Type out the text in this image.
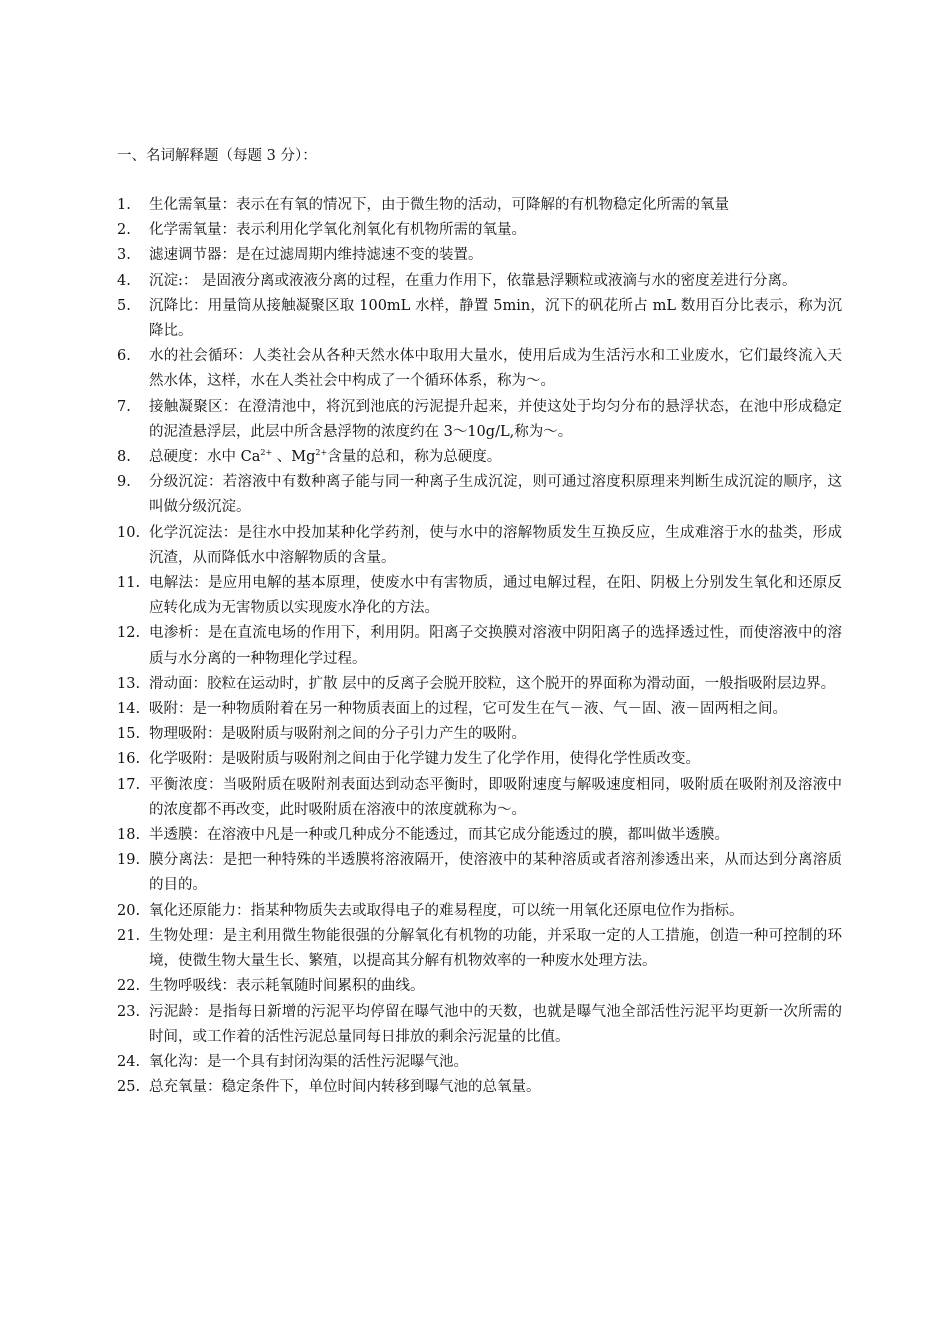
一、名词解释题（每题 3 分）：
1.	生化需氧量：表示在有氧的情况下，由于微生物的活动，可降解的有机物稳定化所需的氧量
2.	化学需氧量：表示利用化学氧化剂氧化有机物所需的氧量。
3.	滤速调节器：是在过滤周期内维持滤速不变的装置。
4.	沉淀:： 是固液分离或液液分离的过程，在重力作用下，依靠悬浮颗粒或液滴与水的密度差进行分离。
5.	沉降比：用量筒从接触凝聚区取 100mL 水样，静置 5min，沉下的矾花所占 mL 数用百分比表示，称为沉降比。
6.	水的社会循环：人类社会从各种天然水体中取用大量水，使用后成为生活污水和工业废水，它们最终流入天然水体，这样，水在人类社会中构成了一个循环体系，称为～。
7.	接触凝聚区：在澄清池中，将沉到池底的污泥提升起来，并使这处于均匀分布的悬浮状态，在池中形成稳定的泥渣悬浮层，此层中所含悬浮物的浓度约在 3～10g/L,称为～。
8.	总硬度：水中 $Ca^{2+}$ 、$Mg^{2+}$含量的总和，称为总硬度。
9.	分级沉淀：若溶液中有数种离子能与同一种离子生成沉淀，则可通过溶度积原理来判断生成沉淀的顺序，这叫做分级沉淀。
10. 化学沉淀法：是往水中投加某种化学药剂，使与水中的溶解物质发生互换反应，生成难溶于水的盐类，形成沉渣，从而降低水中溶解物质的含量。
11. 电解法：是应用电解的基本原理，使废水中有害物质，通过电解过程，在阳、阴极上分别发生氧化和还原反应转化成为无害物质以实现废水净化的方法。
12. 电渗析：是在直流电场的作用下，利用阴。阳离子交换膜对溶液中阴阳离子的选择透过性，而使溶液中的溶质与水分离的一种物理化学过程。
13. 滑动面：胶粒在运动时，扩散 层中的反离子会脱开胶粒，这个脱开的界面称为滑动面，一般指吸附层边界。
14. 吸附：是一种物质附着在另一种物质表面上的过程，它可发生在气－液、气－固、液－固两相之间。
15. 物理吸附：是吸附质与吸附剂之间的分子引力产生的吸附。
16. 化学吸附：是吸附质与吸附剂之间由于化学键力发生了化学作用，使得化学性质改变。
17. 平衡浓度：当吸附质在吸附剂表面达到动态平衡时，即吸附速度与解吸速度相同，吸附质在吸附剂及溶液中的浓度都不再改变，此时吸附质在溶液中的浓度就称为～。
18. 半透膜：在溶液中凡是一种或几种成分不能透过，而其它成分能透过的膜，都叫做半透膜。
19. 膜分离法：是把一种特殊的半透膜将溶液隔开，使溶液中的某种溶质或者溶剂渗透出来，从而达到分离溶质的目的。
20. 氧化还原能力：指某种物质失去或取得电子的难易程度，可以统一用氧化还原电位作为指标。
21. 生物处理：是主利用微生物能很强的分解氧化有机物的功能，并采取一定的人工措施，创造一种可控制的环境，使微生物大量生长、繁殖，以提高其分解有机物效率的一种废水处理方法。
22. 生物呼吸线：表示耗氧随时间累积的曲线。
23. 污泥龄：是指每日新增的污泥平均停留在曝气池中的天数，也就是曝气池全部活性污泥平均更新一次所需的时间，或工作着的活性污泥总量同每日排放的剩余污泥量的比值。
24. 氧化沟：是一个具有封闭沟渠的活性污泥曝气池。
25. 总充氧量：稳定条件下，单位时间内转移到曝气池的总氧量。
